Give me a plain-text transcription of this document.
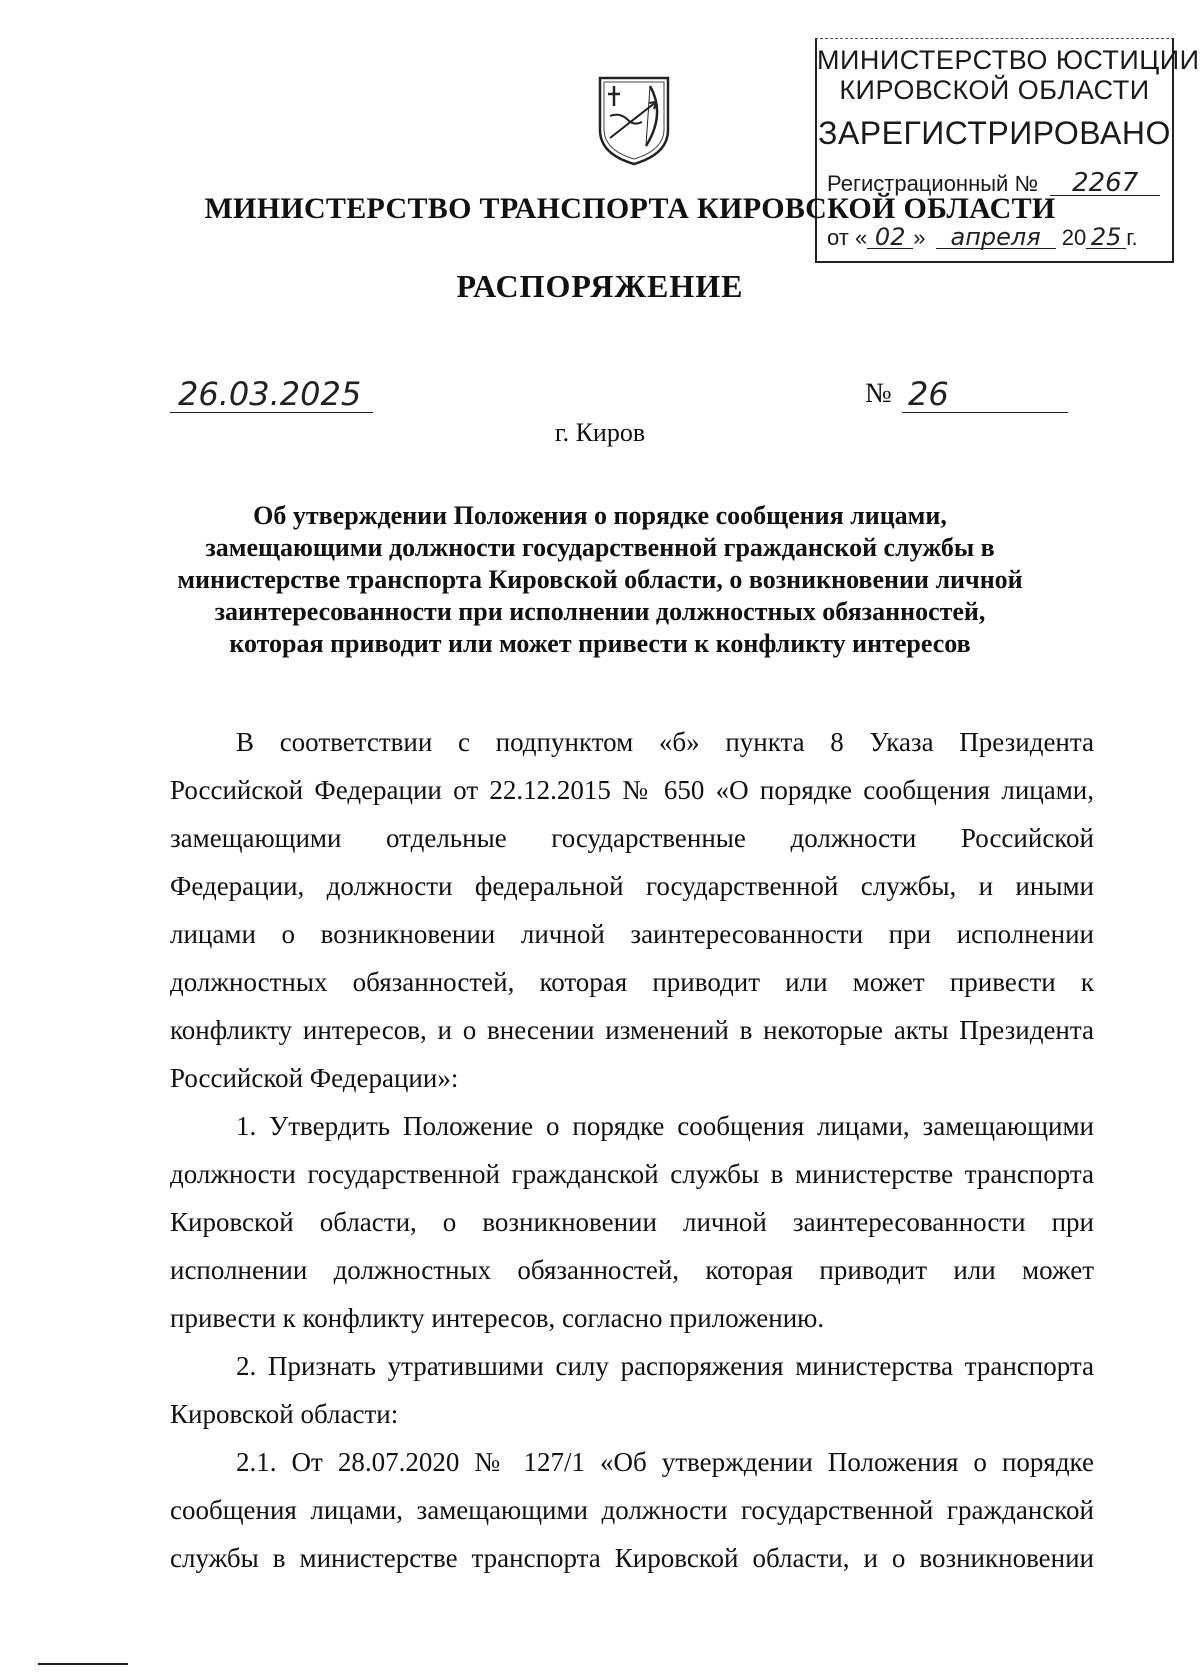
МИНИСТЕРСТВО ЮСТИЦИИ
КИРОВСКОЙ ОБЛАСТИ
ЗАРЕГИСТРИРОВАНО
Регистрационный № 2267
от « 02 » апреля 20 25 г.
МИНИСТЕРСТВО ТРАНСПОРТА КИРОВСКОЙ ОБЛАСТИ
РАСПОРЯЖЕНИЕ
26.03.2025	№ 26
г. Киров
Об утверждении Положения о порядке сообщения лицами,
замещающими должности государственной гражданской службы в
министерстве транспорта Кировской области, о возникновении личной
заинтересованности при исполнении должностных обязанностей,
которая приводит или может привести к конфликту интересов
В соответствии с подпунктом «б» пункта 8 Указа Президента
Российской Федерации от 22.12.2015 № 650 «О порядке сообщения лицами,
замещающими отдельные государственные должности Российской
Федерации, должности федеральной государственной службы, и иными
лицами о возникновении личной заинтересованности при исполнении
должностных обязанностей, которая приводит или может привести к
конфликту интересов, и о внесении изменений в некоторые акты Президента
Российской Федерации»:
1. Утвердить Положение о порядке сообщения лицами, замещающими
должности государственной гражданской службы в министерстве транспорта
Кировской области, о возникновении личной заинтересованности при
исполнении должностных обязанностей, которая приводит или может
привести к конфликту интересов, согласно приложению.
2. Признать утратившими силу распоряжения министерства транспорта
Кировской области:
2.1. От 28.07.2020 № 127/1 «Об утверждении Положения о порядке
сообщения лицами, замещающими должности государственной гражданской
службы в министерстве транспорта Кировской области, и о возникновении
